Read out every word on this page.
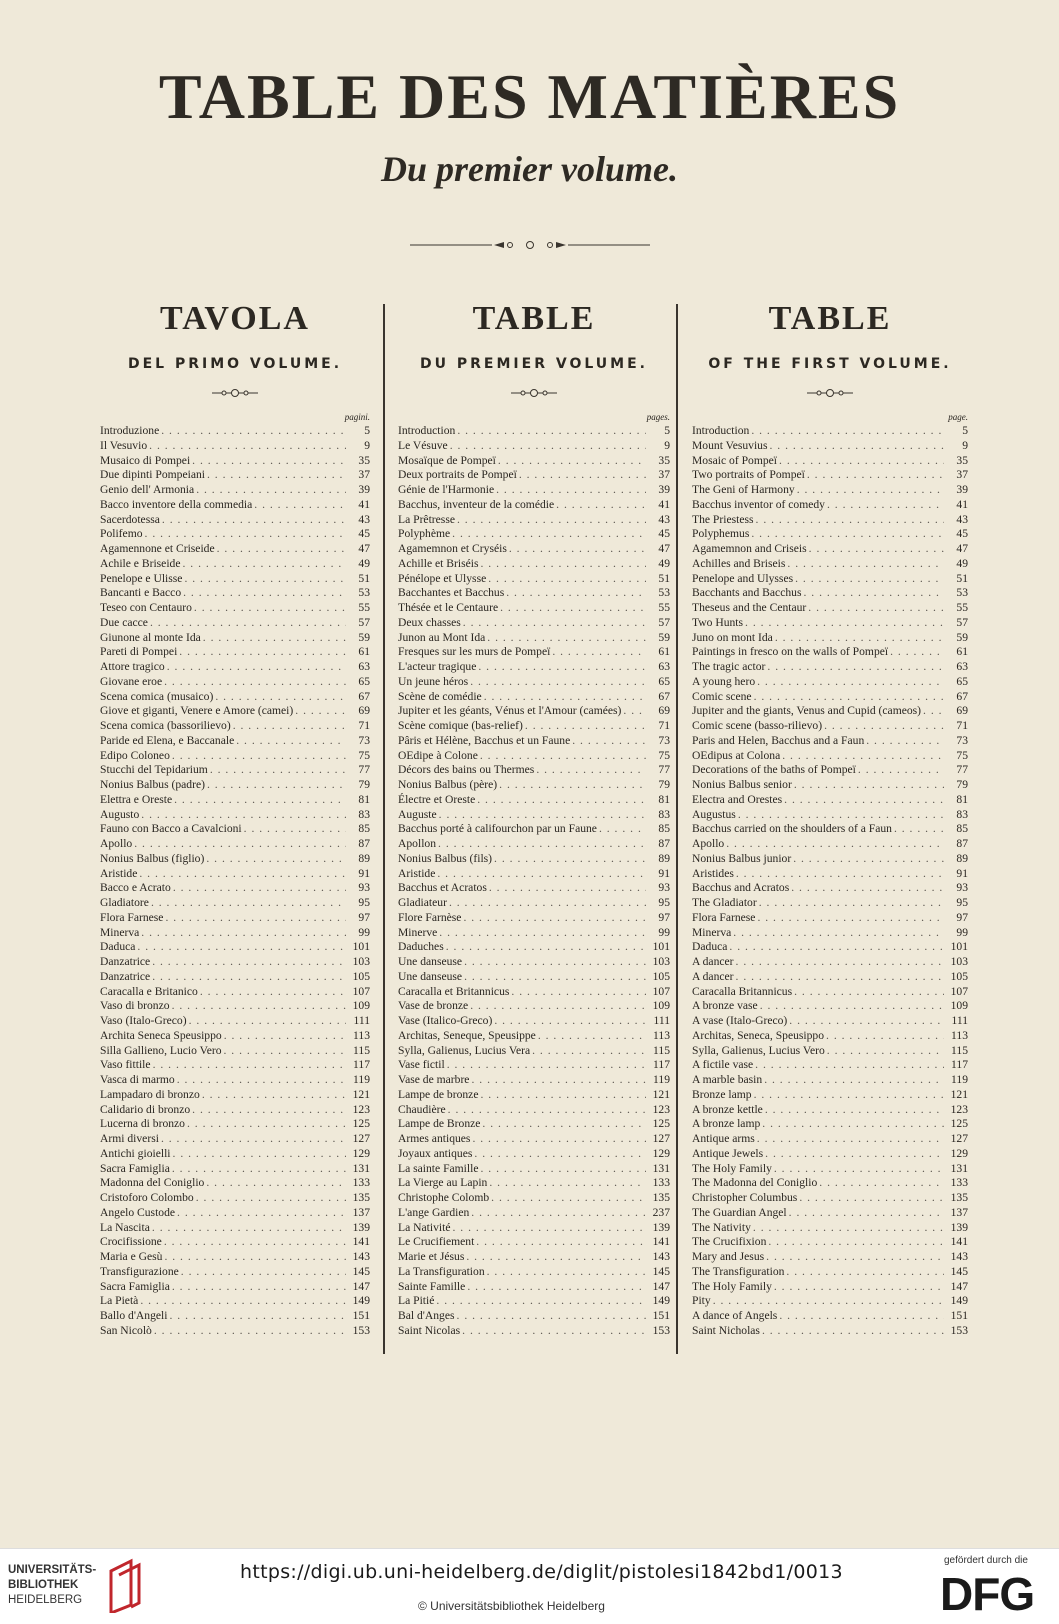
TABLE DES MATIÈRES
Du premier volume.
TAVOLA
DEL PRIMO VOLUME.
pagini.
Introduzione . . .	5
Il Vesuvio . . .	9
Musaico di Pompei . . .	35
Due dipinti Pompeiani . . .	37
Genio dell' Armonia . . .	39
Bacco inventore della commedia . . .	41
Sacerdotessa . . .	43
Polifemo . . .	45
Agamennone et Criseide . . .	47
Achile e Briseide . . .	49
Penelope e Ulisse . . .	51
Bancanti e Bacco . . .	53
Teseo con Centauro . . .	55
Due cacce . . .	57
Giunone al monte Ida . . .	59
Pareti di Pompei . . .	61
Attore tragico . . .	63
Giovane eroe . . .	65
Scena comica (musaico) . . .	67
Giove et giganti, Venere e Amore (camei) . . .	69
Scena comica (bassorilievo) . . .	71
Paride ed Elena, e Baccanale . . .	73
Edipo Coloneo . . .	75
Stucchi del Tepidarium . . .	77
Nonius Balbus (padre) . . .	79
Elettra e Oreste . . .	81
Augusto . . .	83
Fauno con Bacco a Cavalcioni . . .	85
Apollo . . .	87
Nonius Balbus (figlio) . . .	89
Aristide . . .	91
Bacco e Acrato . . .	93
Gladiatore . . .	95
Flora Farnese . . .	97
Minerva . . .	99
Daduca . . .	101
Danzatrice . . .	103
Danzatrice . . .	105
Caracalla e Britanico . . .	107
Vaso di bronzo . . .	109
Vaso (Italo-Greco) . . .	111
Archita Seneca Speusippo . . .	113
Silla Gallieno, Lucio Vero . . .	115
Vaso fittile . . .	117
Vasca di marmo . . .	119
Lampadaro di bronzo . . .	121
Calidario di bronzo . . .	123
Lucerna di bronzo . . .	125
Armi diversi . . .	127
Antichi gioielli . . .	129
Sacra Famiglia . . .	131
Madonna del Coniglio . . .	133
Cristoforo Colombo . . .	135
Angelo Custode . . .	137
La Nascita . . .	139
Crocifissione . . .	141
Maria e Gesù . . .	143
Transfigurazione . . .	145
Sacra Famiglia . . .	147
La Pietà . . .	149
Ballo d'Angeli . . .	151
San Nicolò . . .	153
TABLE
DU PREMIER VOLUME.
pages.
Introduction . . .	5
Le Vésuve . . .	9
Mosaïque de Pompeï . . .	35
Deux portraits de Pompeï . . .	37
Génie de l'Harmonie . . .	39
Bacchus, inventeur de la comédie . . .	41
La Prêtresse . . .	43
Polyphème . . .	45
Agamemnon et Cryséis . . .	47
Achille et Briséis . . .	49
Pénélope et Ulysse . . .	51
Bacchantes et Bacchus . . .	53
Thésée et le Centaure . . .	55
Deux chasses . . .	57
Junon au Mont Ida . . .	59
Fresques sur les murs de Pompeï . . .	61
L'acteur tragique . . .	63
Un jeune héros . . .	65
Scène de comédie . . .	67
Jupiter et les géants, Vénus et l'Amour (camées) . . .	69
Scène comique (bas-relief) . . .	71
Pâris et Hélène, Bacchus et un Faune . . .	73
OEdipe à Colone . . .	75
Décors des bains ou Thermes . . .	77
Nonius Balbus (père) . . .	79
Électre et Oreste . . .	81
Auguste . . .	83
Bacchus porté à califourchon par un Faune . . .	85
Apollon . . .	87
Nonius Balbus (fils) . . .	89
Aristide . . .	91
Bacchus et Acratos . . .	93
Gladiateur . . .	95
Flore Farnèse . . .	97
Minerve . . .	99
Daduches . . .	101
Une danseuse . . .	103
Une danseuse . . .	105
Caracalla et Britannicus . . .	107
Vase de bronze . . .	109
Vase (Italico-Greco) . . .	111
Architas, Seneque, Speusippe . . .	113
Sylla, Galienus, Lucius Vera . . .	115
Vase fictil . . .	117
Vase de marbre . . .	119
Lampe de bronze . . .	121
Chaudière . . .	123
Lampe de Bronze . . .	125
Armes antiques . . .	127
Joyaux antiques . . .	129
La sainte Famille . . .	131
La Vierge au Lapin . . .	133
Christophe Colomb . . .	135
L'ange Gardien . . .	237
La Nativité . . .	139
Le Crucifiement . . .	141
Marie et Jésus . . .	143
La Transfiguration . . .	145
Sainte Famille . . .	147
La Pitié . . .	149
Bal d'Anges . . .	151
Saint Nicolas . . .	153
TABLE
OF THE FIRST VOLUME.
page.
Introduction . . .	5
Mount Vesuvius . . .	9
Mosaic of Pompeï . . .	35
Two portraits of Pompeï . . .	37
The Geni of Harmony . . .	39
Bacchus inventor of comedy . . .	41
The Priestess . . .	43
Polyphemus . . .	45
Agamemnon and Criseis . . .	47
Achilles and Briseis . . .	49
Penelope and Ulysses . . .	51
Bacchants and Bacchus . . .	53
Theseus and the Centaur . . .	55
Two Hunts . . .	57
Juno on mont Ida . . .	59
Paintings in fresco on the walls of Pompeï . . .	61
The tragic actor . . .	63
A young hero . . .	65
Comic scene . . .	67
Jupiter and the giants, Venus and Cupid (cameos) . . .	69
Comic scene (basso-rilievo) . . .	71
Paris and Helen, Bacchus and a Faun . . .	73
OEdipus at Colona . . .	75
Decorations of the baths of Pompeï . . .	77
Nonius Balbus senior . . .	79
Electra and Orestes . . .	81
Augustus . . .	83
Bacchus carried on the shoulders of a Faun . . .	85
Apollo . . .	87
Nonius Balbus junior . . .	89
Aristides . . .	91
Bacchus and Acratos . . .	93
The Gladiator . . .	95
Flora Farnese . . .	97
Minerva . . .	99
Daduca . . .	101
A dancer . . .	103
A dancer . . .	105
Caracalla Britannicus . . .	107
A bronze vase . . .	109
A vase (Italo-Greco) . . .	111
Architas, Seneca, Speusippo . . .	113
Sylla, Galienus, Lucius Vero . . .	115
A fictile vase . . .	117
A marble basin . . .	119
Bronze lamp . . .	121
A bronze kettle . . .	123
A bronze lamp . . .	125
Antique arms . . .	127
Antique Jewels . . .	129
The Holy Family . . .	131
The Madonna del Coniglio . . .	133
Christopher Columbus . . .	135
The Guardian Angel . . .	137
The Nativity . . .	139
The Crucifixion . . .	141
Mary and Jesus . . .	143
The Transfiguration . . .	145
The Holy Family . . .	147
Pity . . .	149
A dance of Angels . . .	151
Saint Nicholas . . .	153
UNIVERSITÄTS-
BIBLIOTHEK
HEIDELBERG
https://digi.ub.uni-heidelberg.de/diglit/pistolesi1842bd1/0013
© Universitätsbibliothek Heidelberg
gefördert durch die
DFG
